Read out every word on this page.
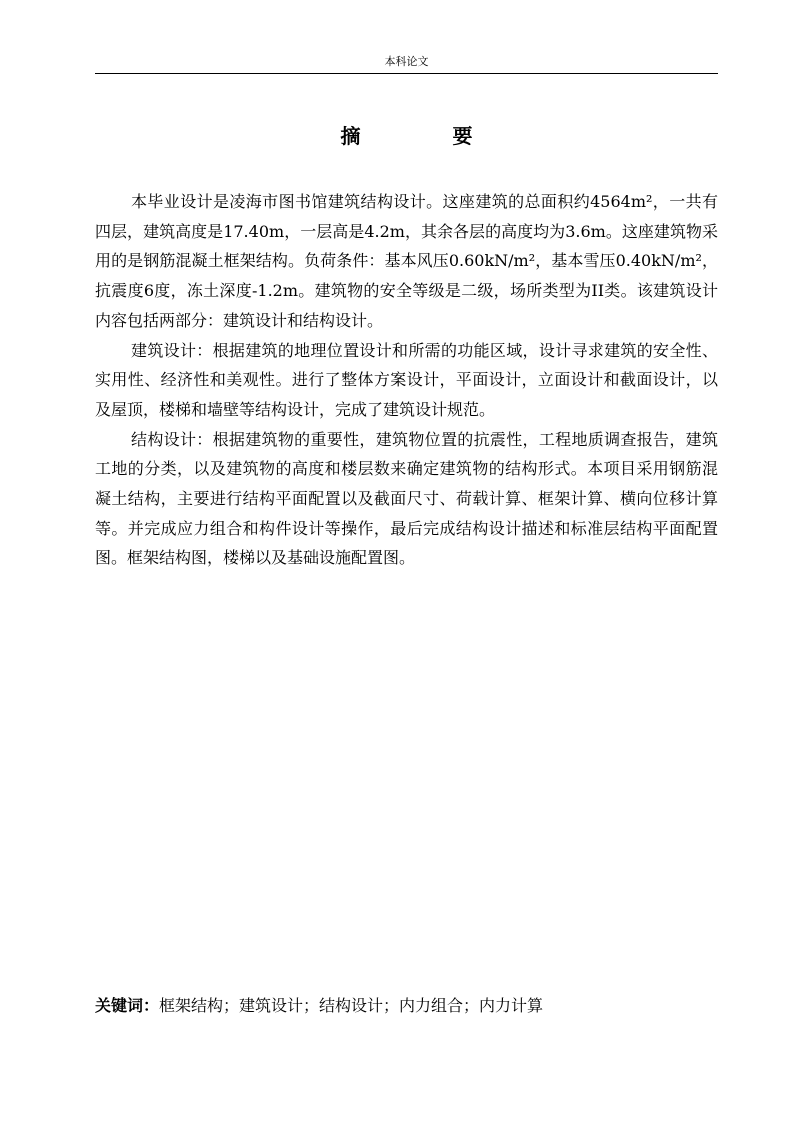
本科论文
摘　要

本毕业设计是凌海市图书馆建筑结构设计。这座建筑的总面积约4564m²，一共有四层，建筑高度是17.40m，一层高是4.2m，其余各层的高度均为3.6m。这座建筑物采用的是钢筋混凝土框架结构。负荷条件：基本风压0.60kN/m²，基本雪压0.40kN/m²，抗震度6度，冻土深度-1.2m。建筑物的安全等级是二级，场所类型为II类。该建筑设计内容包括两部分：建筑设计和结构设计。

建筑设计：根据建筑的地理位置设计和所需的功能区域，设计寻求建筑的安全性、实用性、经济性和美观性。进行了整体方案设计，平面设计，立面设计和截面设计，以及屋顶，楼梯和墙壁等结构设计，完成了建筑设计规范。

结构设计：根据建筑物的重要性，建筑物位置的抗震性，工程地质调查报告，建筑工地的分类，以及建筑物的高度和楼层数来确定建筑物的结构形式。本项目采用钢筋混凝土结构，主要进行结构平面配置以及截面尺寸、荷载计算、框架计算、横向位移计算等。并完成应力组合和构件设计等操作，最后完成结构设计描述和标准层结构平面配置图。框架结构图，楼梯以及基础设施配置图。

关键词：框架结构；建筑设计；结构设计；内力组合；内力计算
